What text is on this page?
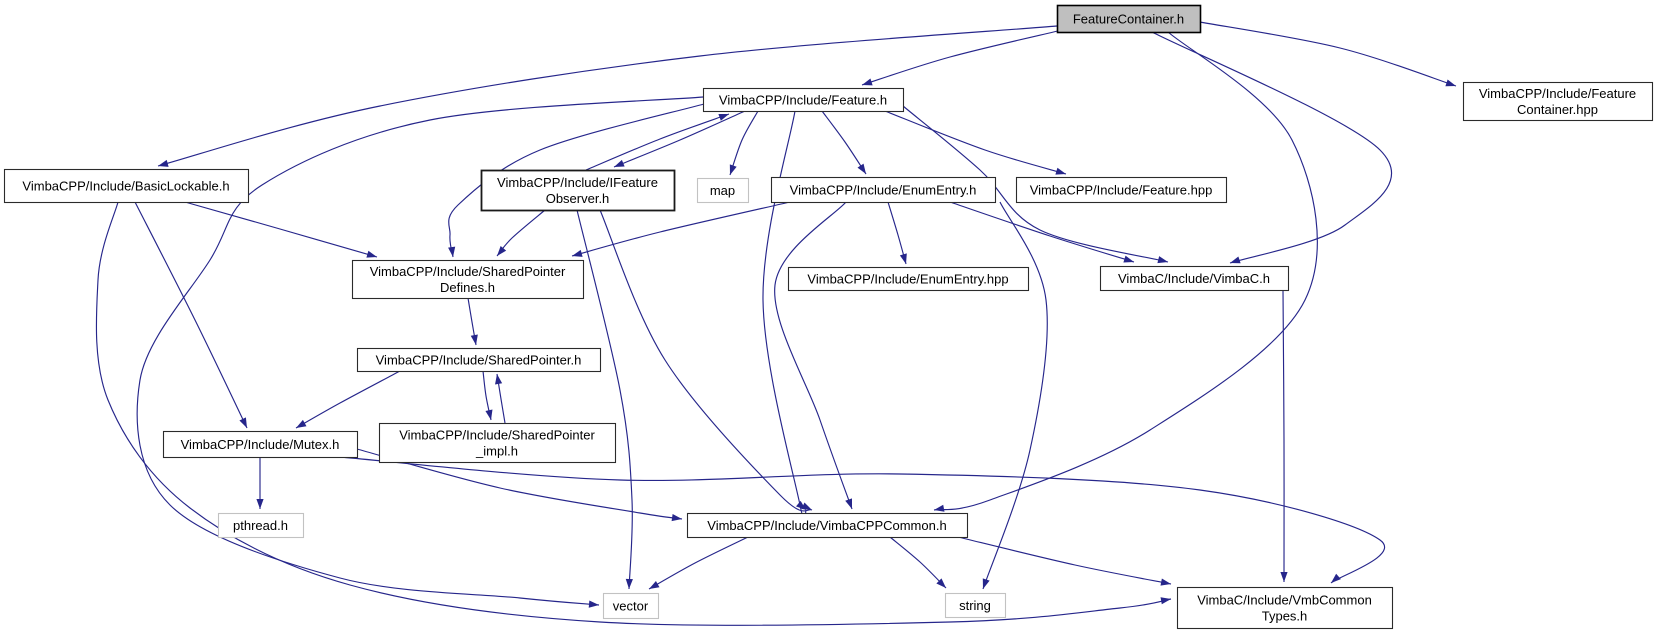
FeatureContainer.h
VimbaCPP/Include/Feature.h	VimbaCPP/Include/Feature Container.hpp
VimbaCPP/Include/BasicLockable.h	VimbaCPP/Include/IFeature Observer.h
map	VimbaCPP/Include/EnumEntry.h	VimbaCPP/Include/Feature.hpp
VimbaCPP/Include/SharedPointer Defines.h
VimbaCPP/Include/EnumEntry.hpp	VimbaC/Include/VimbaC.h
VimbaCPP/Include/SharedPointer.h
VimbaCPP/Include/Mutex.h
VimbaCPP/Include/SharedPointer _impl.h
pthread.h	VimbaCPP/Include/VimbaCPPCommon.h
vector	string	VimbaC/Include/VmbCommon Types.h
